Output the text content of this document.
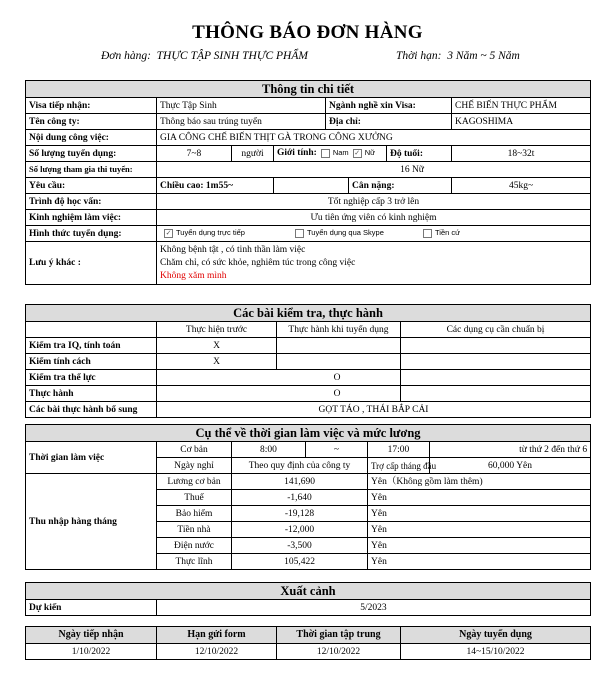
THÔNG BÁO ĐƠN HÀNG
Đơn hàng: THỰC TẬP SINH THỰC PHẨM	Thời hạn: 3 Năm ~ 5 Năm
Thông tin chi tiết							
Visa tiếp nhận:	Thực Tập Sinh			Ngành nghề xin Visa:			CHẾ BIẾN THỰC PHẨM
Tên công ty:	Thông báo sau trúng tuyển			Địa chỉ:			KAGOSHIMA
Nội dung công việc:	GIA CÔNG CHẾ BIẾN THỊT GÀ TRONG CÔNG XƯỞNG						
Số lượng tuyển dụng:	7~8	người	Giới tính: Nam ✓ Nữ			Độ tuổi:	18~32t
Số lượng tham gia thi tuyển:	16 Nữ						
Yêu cầu:	Chiều cao: 1m55~				Cân nặng:		45kg~
Trình độ học vấn:	Tốt nghiệp cấp 3 trở lên						
Kinh nghiệm làm việc:	Ưu tiên ứng viên có kinh nghiệm						
Hình thức tuyển dụng:	✓ Tuyển dụng trực tiếp Tuyển dụng qua Skype Tiền cứ						
Lưu ý khác :	Không bệnh tật , có tinh thần làm việc
Chăm chỉ, có sức khỏe, nghiêm túc trong công việc
Không xăm mình						
Các bài kiểm tra, thực hành			
	Thực hiện trước	Thực hành khi tuyển dụng	Các dụng cụ cần chuẩn bị
Kiểm tra IQ, tính toán	X		
Kiểm tính cách	X		
Kiểm tra thể lực	O		
Thực hành	O		
Các bài thực hành bổ sung	GỌT TÁO , THÁI BẮP CẢI		
Cụ thể về thời gian làm việc và mức lương					
Thời gian làm việc	Cơ bản	8:00	~	17:00	từ thứ 2 đến thứ 6
	Ngày nghỉ	Theo quy định của công ty		Trợ cấp tháng đầu	60,000 Yên
Thu nhập hàng tháng	Lương cơ bản	141,690		Yên（Không gồm làm thêm)	
	Thuế	-1,640		Yên	
	Bảo hiểm	-19,128		Yên	
	Tiền nhà	-12,000		Yên	
	Điện nước	-3,500		Yên	
	Thực lĩnh	105,422		Yên	
Xuất cảnh
Dự kiến	5/2023
Ngày tiếp nhận	Hạn gửi form	Thời gian tập trung	Ngày tuyển dụng
1/10/2022	12/10/2022	12/10/2022	14~15/10/2022
